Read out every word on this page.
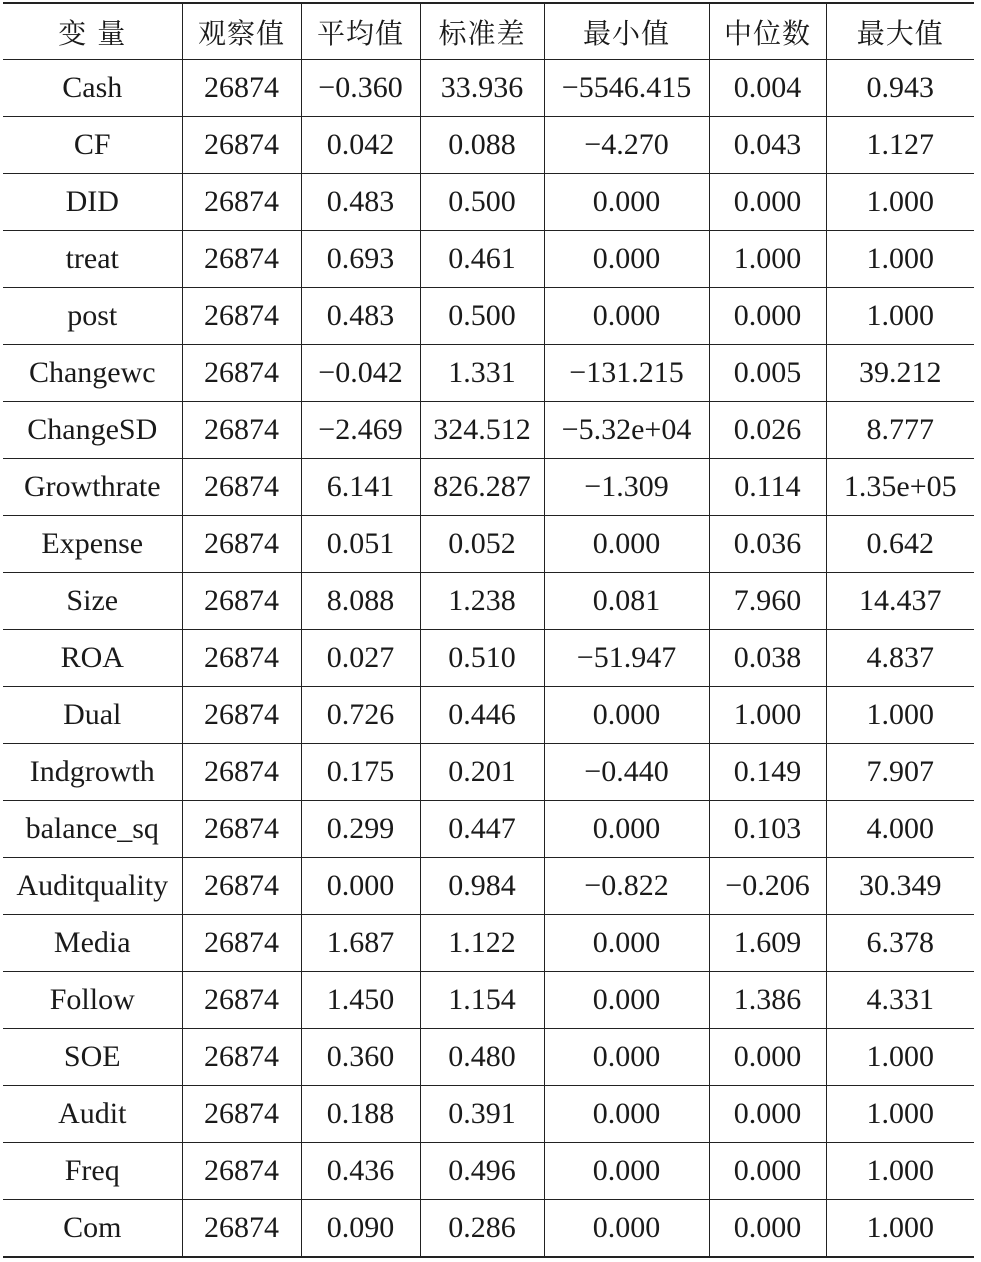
变 量	观察值	平均值	标准差	最小值	中位数	最大值
Cash	26874	−0.360	33.936	−5546.415	0.004	0.943
CF	26874	0.042	0.088	−4.270	0.043	1.127
DID	26874	0.483	0.500	0.000	0.000	1.000
treat	26874	0.693	0.461	0.000	1.000	1.000
post	26874	0.483	0.500	0.000	0.000	1.000
Changewc	26874	−0.042	1.331	−131.215	0.005	39.212
ChangeSD	26874	−2.469	324.512	−5.32e+04	0.026	8.777
Growthrate	26874	6.141	826.287	−1.309	0.114	1.35e+05
Expense	26874	0.051	0.052	0.000	0.036	0.642
Size	26874	8.088	1.238	0.081	7.960	14.437
ROA	26874	0.027	0.510	−51.947	0.038	4.837
Dual	26874	0.726	0.446	0.000	1.000	1.000
Indgrowth	26874	0.175	0.201	−0.440	0.149	7.907
balance_sq	26874	0.299	0.447	0.000	0.103	4.000
Auditquality	26874	0.000	0.984	−0.822	−0.206	30.349
Media	26874	1.687	1.122	0.000	1.609	6.378
Follow	26874	1.450	1.154	0.000	1.386	4.331
SOE	26874	0.360	0.480	0.000	0.000	1.000
Audit	26874	0.188	0.391	0.000	0.000	1.000
Freq	26874	0.436	0.496	0.000	0.000	1.000
Com	26874	0.090	0.286	0.000	0.000	1.000
